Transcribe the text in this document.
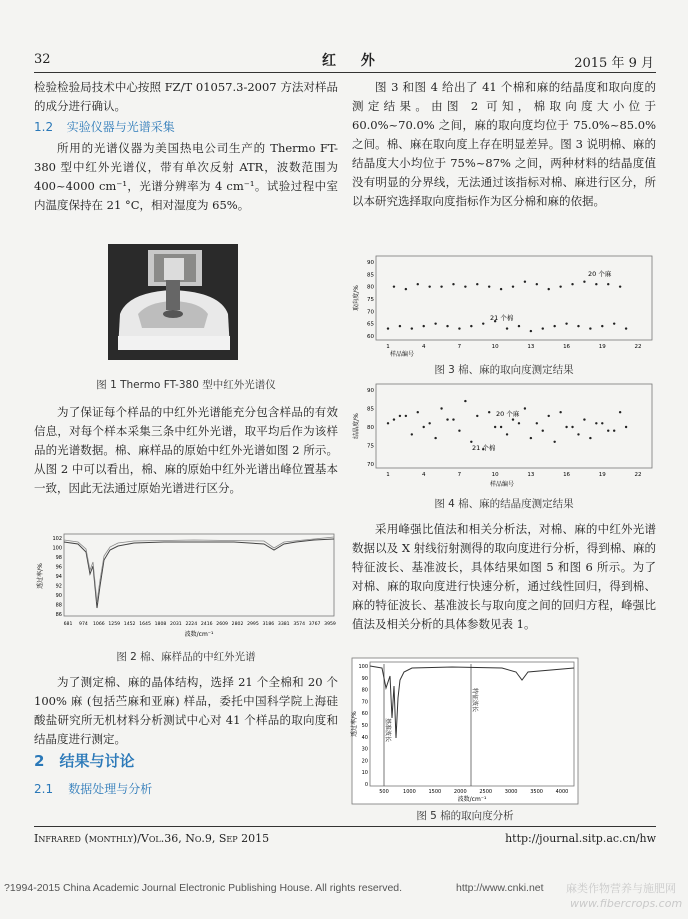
32	红 外	2015 年 9 月

检验检验局技术中心按照 FZ/T 01057.3-2007 方法对样品的成分进行确认。

1.2 实验仪器与光谱采集

所用的光谱仪器为美国热电公司生产的 Thermo FT-380 型中红外光谱仪，带有单次反射 ATR，波数范围为 400~4000 cm⁻¹，光谱分辨率为 4 cm⁻¹。试验过程中室内温度保持在 21 °C，相对湿度为 65%。

图 1 Thermo FT-380 型中红外光谱仪

为了保证每个样品的中红外光谱能充分包含样品的有效信息，对每个样本采集三条中红外光谱，取平均后作为该样品的光谱数据。棉、麻样品的原始中红外光谱如图 2 所示。从图 2 中可以看出，棉、麻的原始中红外光谱出峰位置基本一致，因此无法通过原始光谱进行区分。

102
100
98
96
94
92
90
88
86
681 974 1066 1259 1452 1645 1808 2031 2224 2416 2609 2802 2995 3186 3381 3574 3767 3959
波数/cm⁻¹
透过率/%
图 2 棉、麻样品的中红外光谱

为了测定棉、麻的晶体结构，选择 21 个全棉和 20 个 100% 麻 (包括苎麻和亚麻) 样品，委托中国科学院上海硅酸盐研究所无机材料分析测试中心对 41 个样品的取向度和结晶度进行测定。

2 结果与讨论
2.1 数据处理与分析

图 3 和图 4 给出了 41 个棉和麻的结晶度和取向度的测定结果。由图 2 可知，棉取向度大小位于 60.0%~70.0% 之间，麻的取向度均位于 75.0%~85.0% 之间。棉、麻在取向度上存在明显差异。图 3 说明棉、麻的结晶度大小均位于 75%~87% 之间，两种材料的结晶度值没有明显的分界线，无法通过该指标对棉、麻进行区分，所以本研究选择取向度指标作为区分棉和麻的依据。

90
85
80
75
70
65
60
1	4	7	10	13	16	19	22
20 个麻
21 个棉
样品编号
取向度/%
图 3 棉、麻的取向度测定结果
90
85
80
75
70
1	4	7	10	13	16	19	22
20 个麻
21 个棉
样品编号
结晶度/%
图 4 棉、麻的结晶度测定结果

采用峰强比值法和相关分析法，对棉、麻的中红外光谱数据以及 X 射线衍射测得的取向度进行分析，得到棉、麻的特征波长、基准波长，具体结果如图 5 和图 6 所示。为了对棉、麻的取向度进行快速分析，通过线性回归，得到棉、麻的特征波长、基准波长与取向度之间的回归方程，峰强比值法及相关分析的具体参数见表 1。

100
90
80
70
60
50
40
30
20
10
0
500	1000	1500	2000	2500	3000	3500	4000
基准波长
特征波长
波数/cm⁻¹
透过率/%
图 5 棉的取向度分析
Infrared (monthly)/Vol.36, No.9, Sep 2015	http://journal.sitp.ac.cn/hw
?1994-2015 China Academic Journal Electronic Publishing House. All rights reserved.	http://www.cnki.net 麻类作物营养与施肥网
www.fibercrops.com
